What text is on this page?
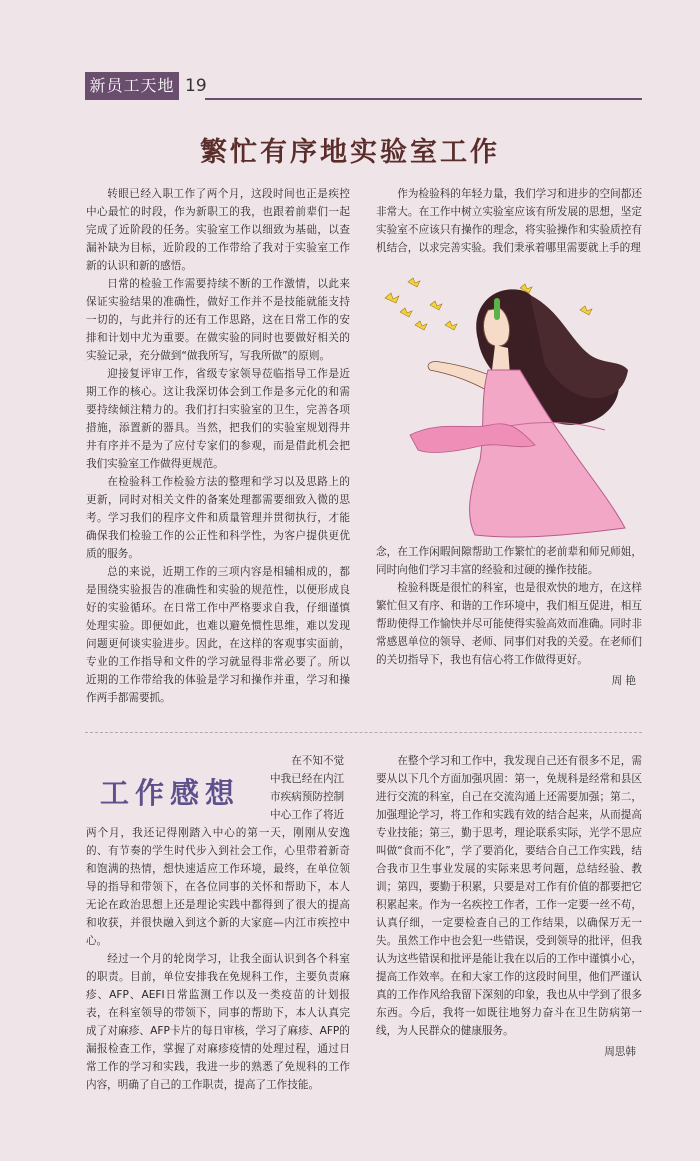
新员工天地 19
繁忙有序地实验室工作

转眼已经入职工作了两个月，这段时间也正是疾控中心最忙的时段，作为新职工的我，也跟着前辈们一起完成了近阶段的任务。实验室工作以细致为基础，以查漏补缺为目标，近阶段的工作带给了我对于实验室工作新的认识和新的感悟。

日常的检验工作需要持续不断的工作激情，以此来保证实验结果的准确性，做好工作并不是技能就能支持一切的，与此并行的还有工作思路，这在日常工作的安排和计划中尤为重要。在做实验的同时也要做好相关的实验记录，充分做到“做我所写，写我所做”的原则。

迎接复评审工作，省级专家领导莅临指导工作是近期工作的核心。这让我深切体会到工作是多元化的和需要持续倾注精力的。我们打扫实验室的卫生，完善各项措施，添置新的器具。当然，把我们的实验室规划得井井有序并不是为了应付专家们的参观，而是借此机会把我们实验室工作做得更规范。

在检验科工作检验方法的整理和学习以及思路上的更新，同时对相关文件的备案处理都需要细致入微的思考。学习我们的程序文件和质量管理并贯彻执行，才能确保我们检验工作的公正性和科学性，为客户提供更优质的服务。

总的来说，近期工作的三项内容是相辅相成的，都是围绕实验报告的准确性和实验的规范性，以便形成良好的实验循环。在日常工作中严格要求自我，仔细谨慎处理实验。即便如此，也难以避免惯性思维，难以发现问题更何谈实验进步。因此，在这样的客观事实面前，专业的工作指导和文件的学习就显得非常必要了。所以近期的工作带给我的体验是学习和操作并重，学习和操作两手都需要抓。

作为检验科的年轻力量，我们学习和进步的空间都还非常大。在工作中树立实验室应该有所发展的思想，坚定实验室不应该只有操作的理念，将实验操作和实验质控有机结合，以求完善实验。我们秉承着哪里需要就上手的理

念，在工作闲暇间隙帮助工作繁忙的老前辈和师兄师姐，同时向他们学习丰富的经验和过硬的操作技能。

检验科既是很忙的科室，也是很欢快的地方，在这样繁忙但又有序、和谐的工作环境中，我们相互促进，相互帮助使得工作愉快并尽可能使得实验高效而准确。同时非常感恩单位的领导、老师、同事们对我的关爱。在老师们的关切指导下，我也有信心将工作做得更好。

周 艳

工作感想

在不知不觉

中我已经在内江

市疾病预防控制

中心工作了将近

两个月，我还记得刚踏入中心的第一天，刚刚从安逸的、有节奏的学生时代步入到社会工作，心里带着新奇和饱满的热情，想快速适应工作环境，最终，在单位领导的指导和带领下，在各位同事的关怀和帮助下，本人无论在政治思想上还是理论实践中都得到了很大的提高和收获，并很快融入到这个新的大家庭—内江市疾控中心。

经过一个月的轮岗学习，让我全面认识到各个科室的职责。目前，单位安排我在免规科工作，主要负责麻疹、AFP、AEFI日常监测工作以及一类疫苗的计划报表，在科室领导的带领下，同事的帮助下，本人认真完成了对麻疹、AFP卡片的每日审核，学习了麻疹、AFP的漏报检查工作，掌握了对麻疹疫情的处理过程，通过日常工作的学习和实践，我进一步的熟悉了免规科的工作内容，明确了自己的工作职责，提高了工作技能。

在整个学习和工作中，我发现自己还有很多不足，需要从以下几个方面加强巩固：第一，免规科是经常和县区进行交流的科室，自己在交流沟通上还需要加强；第二，加强理论学习，将工作和实践有效的结合起来，从而提高专业技能；第三，勤于思考，理论联系实际，光学不思应叫做“食而不化”，学了要消化，要结合自己工作实践，结合我市卫生事业发展的实际来思考问题，总结经验、教训；第四，要勤于积累，只要是对工作有价值的都要把它积累起来。作为一名疾控工作者，工作一定要一丝不苟，认真仔细，一定要检查自己的工作结果，以确保万无一失。虽然工作中也会犯一些错误，受到领导的批评，但我认为这些错误和批评是能让我在以后的工作中谨慎小心，提高工作效率。在和大家工作的这段时间里，他们严谨认真的工作作风给我留下深刻的印象，我也从中学到了很多东西。今后，我将一如既往地努力奋斗在卫生防病第一线，为人民群众的健康服务。

周思韩
